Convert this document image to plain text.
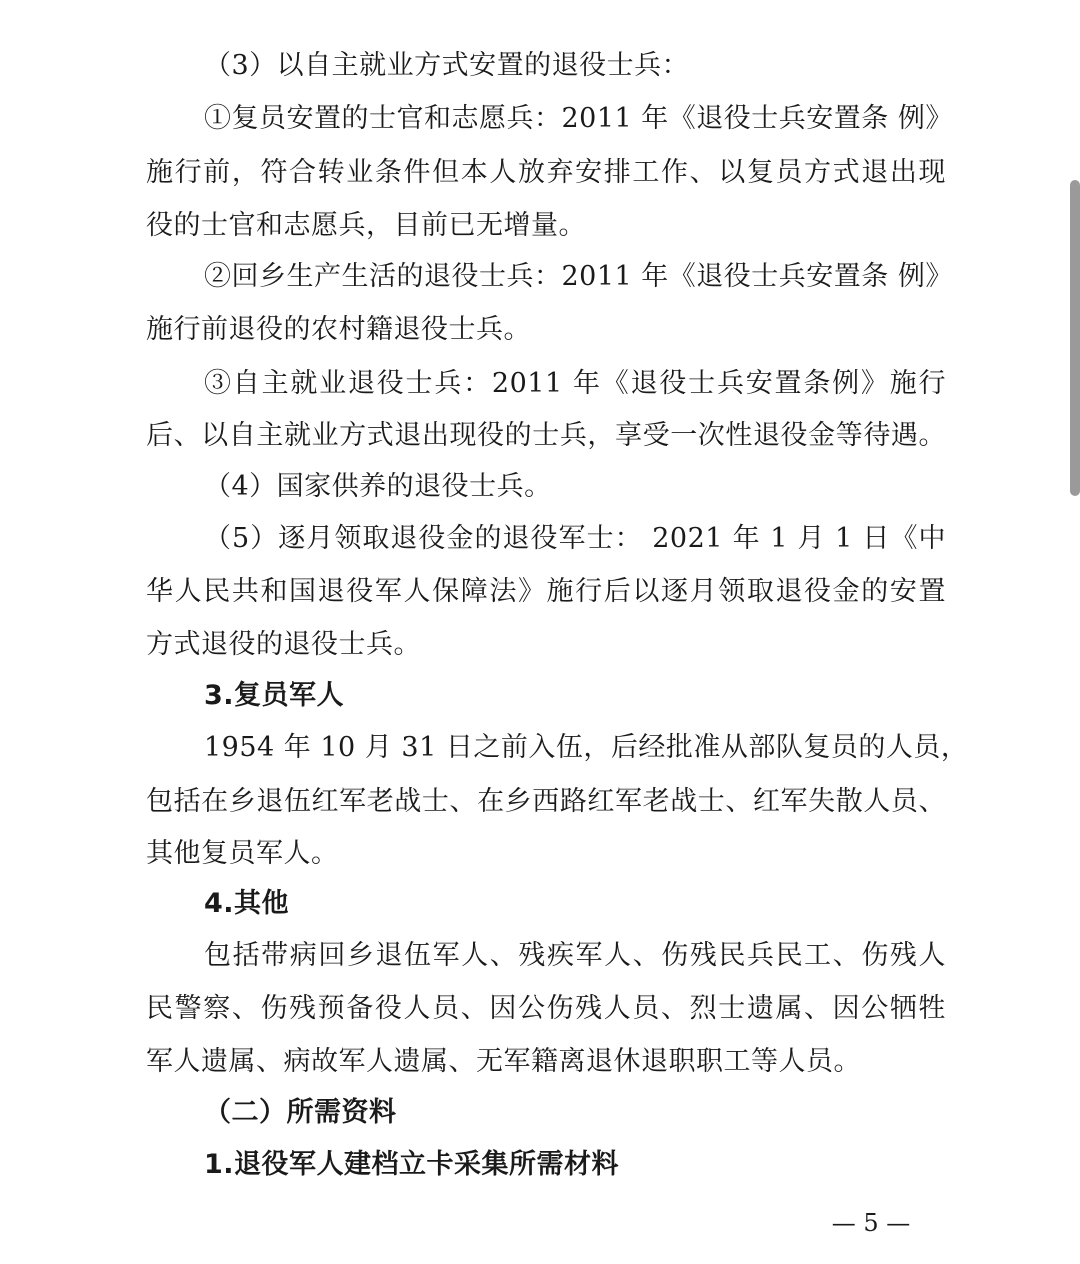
（3）以自主就业方式安置的退役士兵：
①复员安置的士官和志愿兵：2011 年《退役士兵安置条 例》
施行前，符合转业条件但本人放弃安排工作、以复员方式退出现
役的士官和志愿兵，目前已无增量。
②回乡生产生活的退役士兵：2011 年《退役士兵安置条 例》
施行前退役的农村籍退役士兵。
③自主就业退役士兵：2011 年《退役士兵安置条例》施行
后、以自主就业方式退出现役的士兵，享受一次性退役金等待遇。
（4）国家供养的退役士兵。
（5）逐月领取退役金的退役军士： 2021 年 1 月 1 日《中
华人民共和国退役军人保障法》施行后以逐月领取退役金的安置
方式退役的退役士兵。
3.复员军人
1954 年 10 月 31 日之前入伍，后经批准从部队复员的人员，
包括在乡退伍红军老战士、在乡西路红军老战士、红军失散人员、
其他复员军人。
4.其他
包括带病回乡退伍军人、残疾军人、伤残民兵民工、伤残人
民警察、伤残预备役人员、因公伤残人员、烈士遗属、因公牺牲
军人遗属、病故军人遗属、无军籍离退休退职职工等人员。
（二）所需资料
1.退役军人建档立卡采集所需材料
— 5 —
